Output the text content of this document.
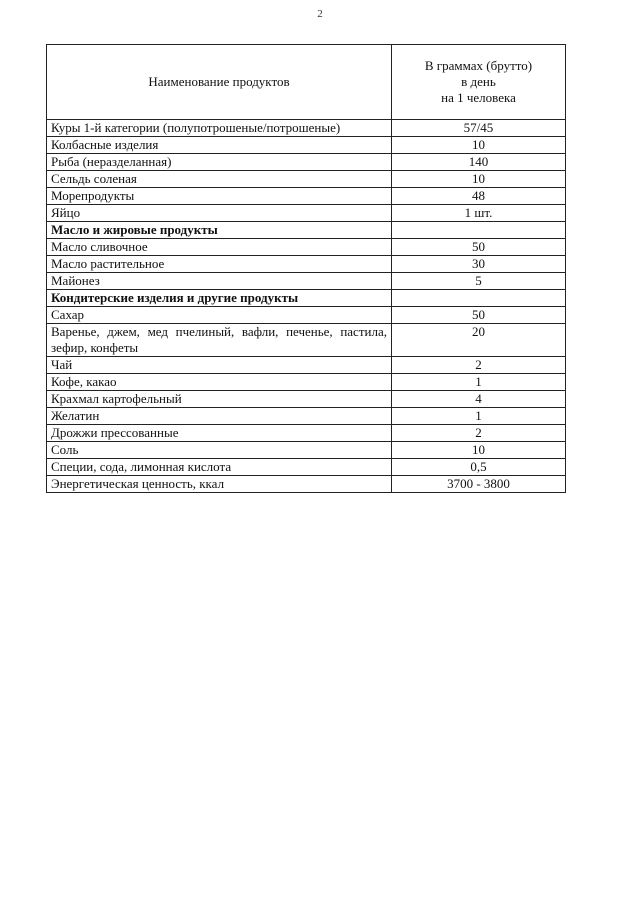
2
Наименование продуктов	В граммах (брутто)
в день
на 1 человека
Куры 1-й категории (полупотрошеные/потрошеные)	57/45
Колбасные изделия	10
Рыба (неразделанная)	140
Сельдь соленая	10
Морепродукты	48
Яйцо	1 шт.
Масло и жировые продукты	
Масло сливочное	50
Масло растительное	30
Майонез	5
Кондитерские изделия и другие продукты	
Сахар	50
Варенье, джем, мед пчелиный, вафли, печенье, пастила, зефир, конфеты	20
Чай	2
Кофе, какао	1
Крахмал картофельный	4
Желатин	1
Дрожжи прессованные	2
Соль	10
Специи, сода, лимонная кислота	0,5
Энергетическая ценность, ккал	3700 - 3800
